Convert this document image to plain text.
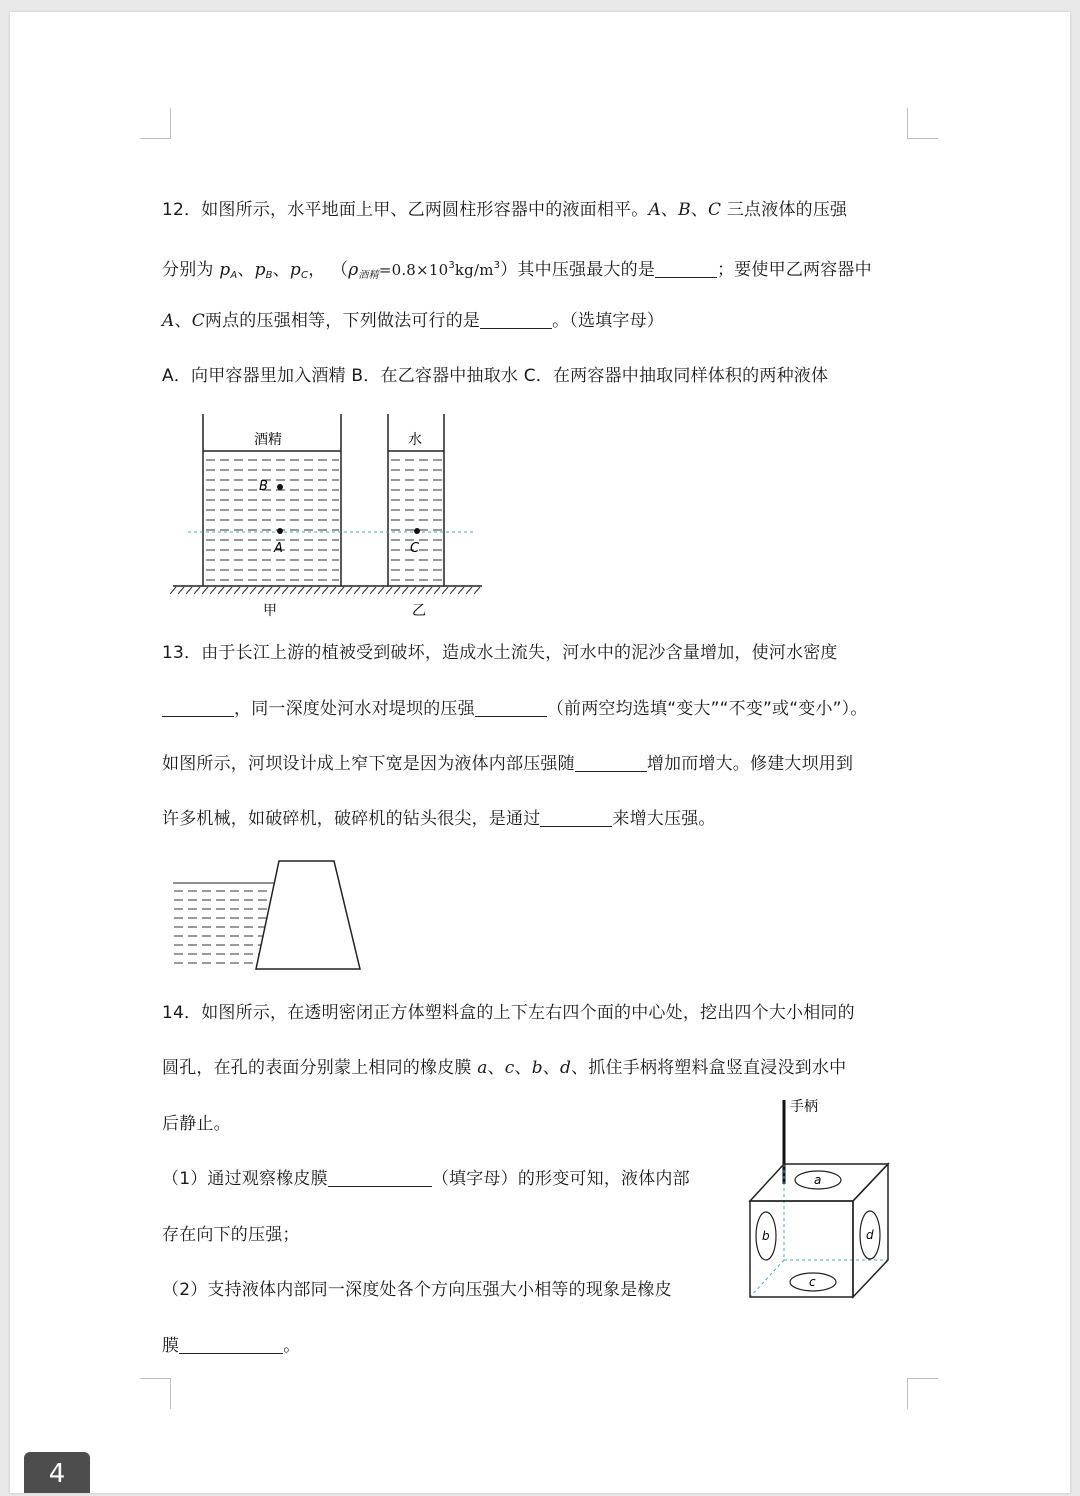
12．如图所示，水平地面上甲、乙两圆柱形容器中的液面相平。A、B、C 三点液体的压强
分别为 $p_A$、$p_B$、$p_C$， $(\rho_{酒精}=0.8\times 10^3kg/m^3)$其中压强最大的是	；要使甲乙两容器中
A、C两点的压强相等，下列做法可行的是	。（选填字母）
A．向甲容器里加入酒精 B．在乙容器中抽取水 C．在两容器中抽取同样体积的两种液体
B
A	C
酒精	水
甲	乙
13．由于长江上游的植被受到破坏，造成水土流失，河水中的泥沙含量增加，使河水密度
，同一深度处河水对堤坝的压强	（前两空均选填“变大”“不变”或“变小”）。
如图所示，河坝设计成上窄下宽是因为液体内部压强随	增加而增大。修建大坝用到
许多机械，如破碎机，破碎机的钻头很尖，是通过	来增大压强。
14．如图所示，在透明密闭正方体塑料盒的上下左右四个面的中心处，挖出四个大小相同的
圆孔，在孔的表面分别蒙上相同的橡皮膜 a、c、b、d、抓住手柄将塑料盒竖直浸没到水中
后静止。
（1）通过观察橡皮膜	（填字母）的形变可知，液体内部
存在向下的压强；
（2）支持液体内部同一深度处各个方向压强大小相等的现象是橡皮
膜	。
手柄
a
c
b	d
4
